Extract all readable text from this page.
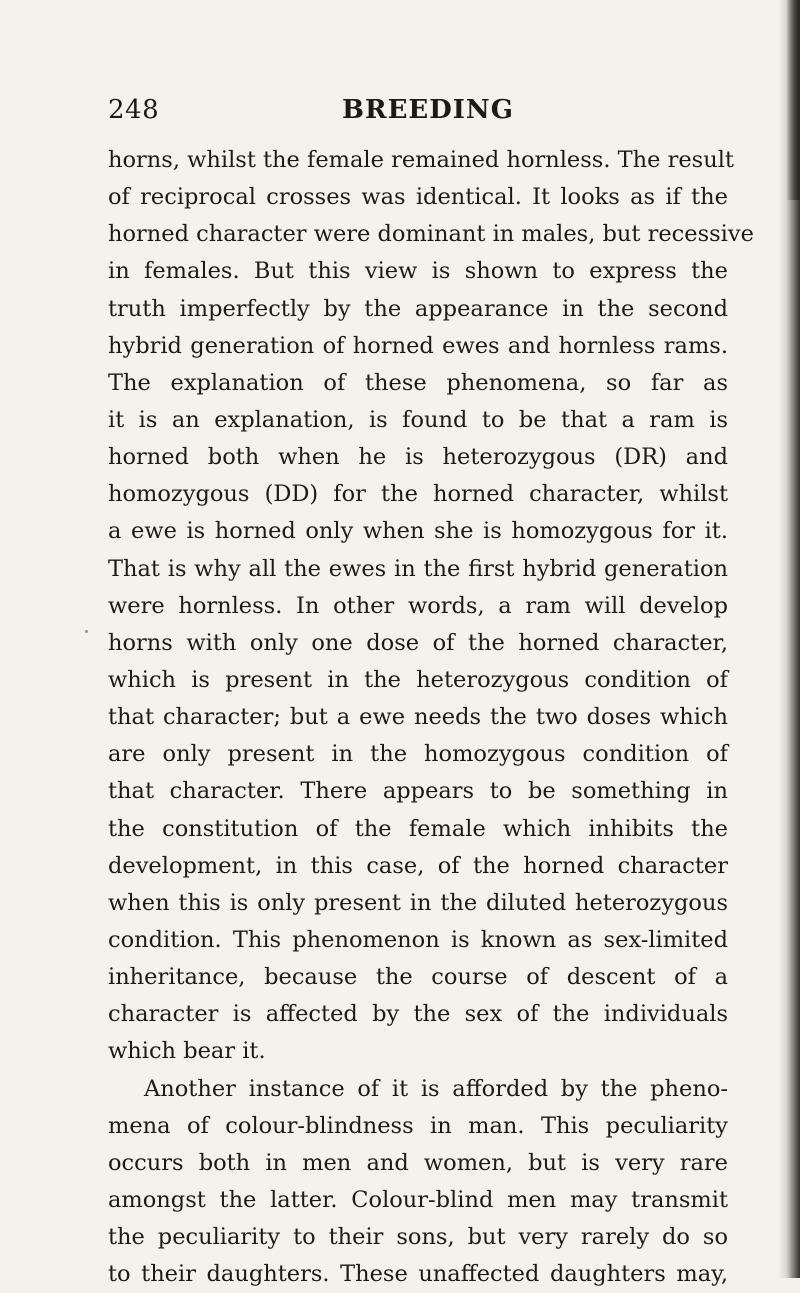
248	BREEDING
horns, whilst the female remained hornless. The result
of reciprocal crosses was identical. It looks as if the
horned character were dominant in males, but recessive
in females. But this view is shown to express the
truth imperfectly by the appearance in the second
hybrid generation of horned ewes and hornless rams.
The explanation of these phenomena, so far as
it is an explanation, is found to be that a ram is
horned both when he is heterozygous (DR) and
homozygous (DD) for the horned character, whilst
a ewe is horned only when she is homozygous for it.
That is why all the ewes in the first hybrid generation
were hornless. In other words, a ram will develop
horns with only one dose of the horned character,
which is present in the heterozygous condition of
that character; but a ewe needs the two doses which
are only present in the homozygous condition of
that character. There appears to be something in
the constitution of the female which inhibits the
development, in this case, of the horned character
when this is only present in the diluted heterozygous
condition. This phenomenon is known as sex-limited
inheritance, because the course of descent of a
character is affected by the sex of the individuals
which bear it.
Another instance of it is afforded by the pheno-
mena of colour-blindness in man. This peculiarity
occurs both in men and women, but is very rare
amongst the latter. Colour-blind men may transmit
the peculiarity to their sons, but very rarely do so
to their daughters. These unaffected daughters may,
